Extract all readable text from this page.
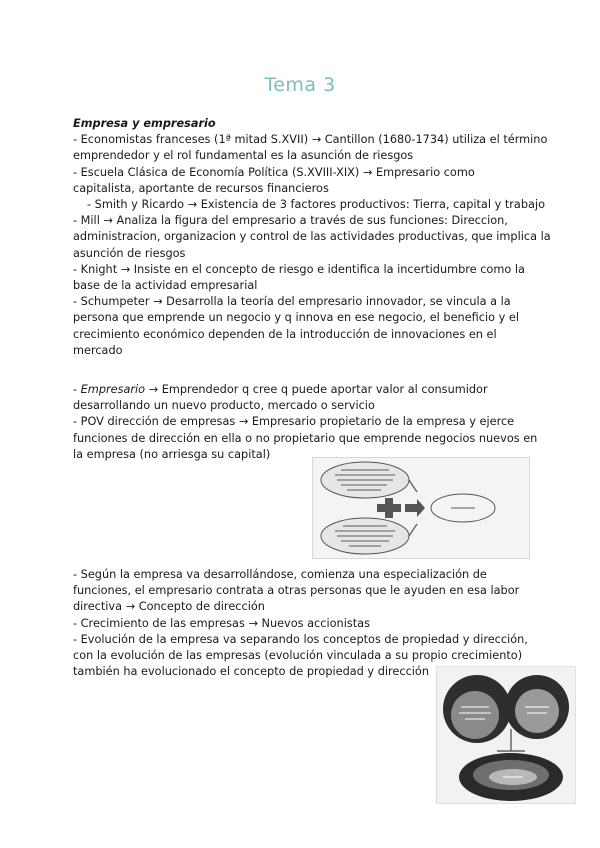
Tema 3
Empresa y empresario
- Economistas franceses (1ª mitad S.XVII) → Cantillon (1680-1734) utiliza el término
emprendedor y el rol fundamental es la asunción de riesgos
- Escuela Clásica de Economía Política (S.XVIII-XIX) → Empresario como
capitalista, aportante de recursos financieros
- Smith y Ricardo → Existencia de 3 factores productivos: Tierra, capital y trabajo
- Mill → Analiza la figura del empresario a través de sus funciones: Direccion,
administracion, organizacion y control de las actividades productivas, que implica la
asunción de riesgos
- Knight → Insiste en el concepto de riesgo e identifica la incertidumbre como la
base de la actividad empresarial
- Schumpeter → Desarrolla la teoría del empresario innovador, se vincula a la
persona que emprende un negocio y q innova en ese negocio, el beneficio y el
crecimiento económico dependen de la introducción de innovaciones en el
mercado
- Empresario → Emprendedor q cree q puede aportar valor al consumidor
desarrollando un nuevo producto, mercado o servicio
- POV dirección de empresas → Empresario propietario de la empresa y ejerce
funciones de dirección en ella o no propietario que emprende negocios nuevos en
la empresa (no arriesga su capital)
- Según la empresa va desarrollándose, comienza una especialización de
funciones, el empresario contrata a otras personas que le ayuden en esa labor
directiva → Concepto de dirección
- Crecimiento de las empresas → Nuevos accionistas
- Evolución de la empresa va separando los conceptos de propiedad y dirección,
con la evolución de las empresas (evolución vinculada a su propio crecimiento)
también ha evolucionado el concepto de propiedad y dirección
